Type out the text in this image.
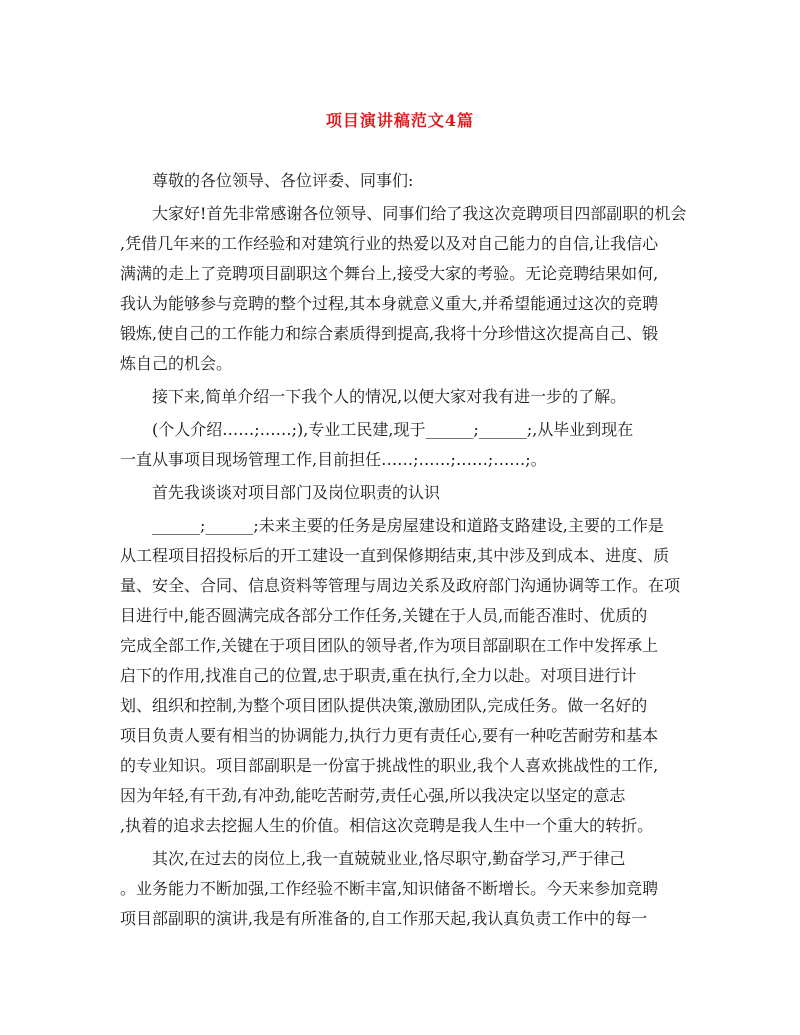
项目演讲稿范文4篇

尊敬的各位领导、各位评委、同事们:

大家好!首先非常感谢各位领导、同事们给了我这次竞聘项目四部副职的机会
,凭借几年来的工作经验和对建筑行业的热爱以及对自己能力的自信,让我信心
满满的走上了竞聘项目副职这个舞台上,接受大家的考验。无论竞聘结果如何,
我认为能够参与竞聘的整个过程,其本身就意义重大,并希望能通过这次的竞聘
锻炼,使自己的工作能力和综合素质得到提高,我将十分珍惜这次提高自己、锻
炼自己的机会。

接下来,简单介绍一下我个人的情况,以便大家对我有进一步的了解。

(个人介绍……;……;),专业工民建,现于______;______;,从毕业到现在
一直从事项目现场管理工作,目前担任……;……;……;……;。

首先我谈谈对项目部门及岗位职责的认识

______;______;未来主要的任务是房屋建设和道路支路建设,主要的工作是
从工程项目招投标后的开工建设一直到保修期结束,其中涉及到成本、进度、质
量、安全、合同、信息资料等管理与周边关系及政府部门沟通协调等工作。在项
目进行中,能否圆满完成各部分工作任务,关键在于人员,而能否准时、优质的
完成全部工作,关键在于项目团队的领导者,作为项目部副职在工作中发挥承上
启下的作用,找准自己的位置,忠于职责,重在执行,全力以赴。对项目进行计
划、组织和控制,为整个项目团队提供决策,激励团队,完成任务。做一名好的
项目负责人要有相当的协调能力,执行力更有责任心,要有一种吃苦耐劳和基本
的专业知识。项目部副职是一份富于挑战性的职业,我个人喜欢挑战性的工作,
因为年轻,有干劲,有冲劲,能吃苦耐劳,责任心强,所以我决定以坚定的意志
,执着的追求去挖掘人生的价值。相信这次竞聘是我人生中一个重大的转折。

其次,在过去的岗位上,我一直兢兢业业,恪尽职守,勤奋学习,严于律己
。业务能力不断加强,工作经验不断丰富,知识储备不断增长。今天来参加竞聘
项目部副职的演讲,我是有所准备的,自工作那天起,我认真负责工作中的每一
